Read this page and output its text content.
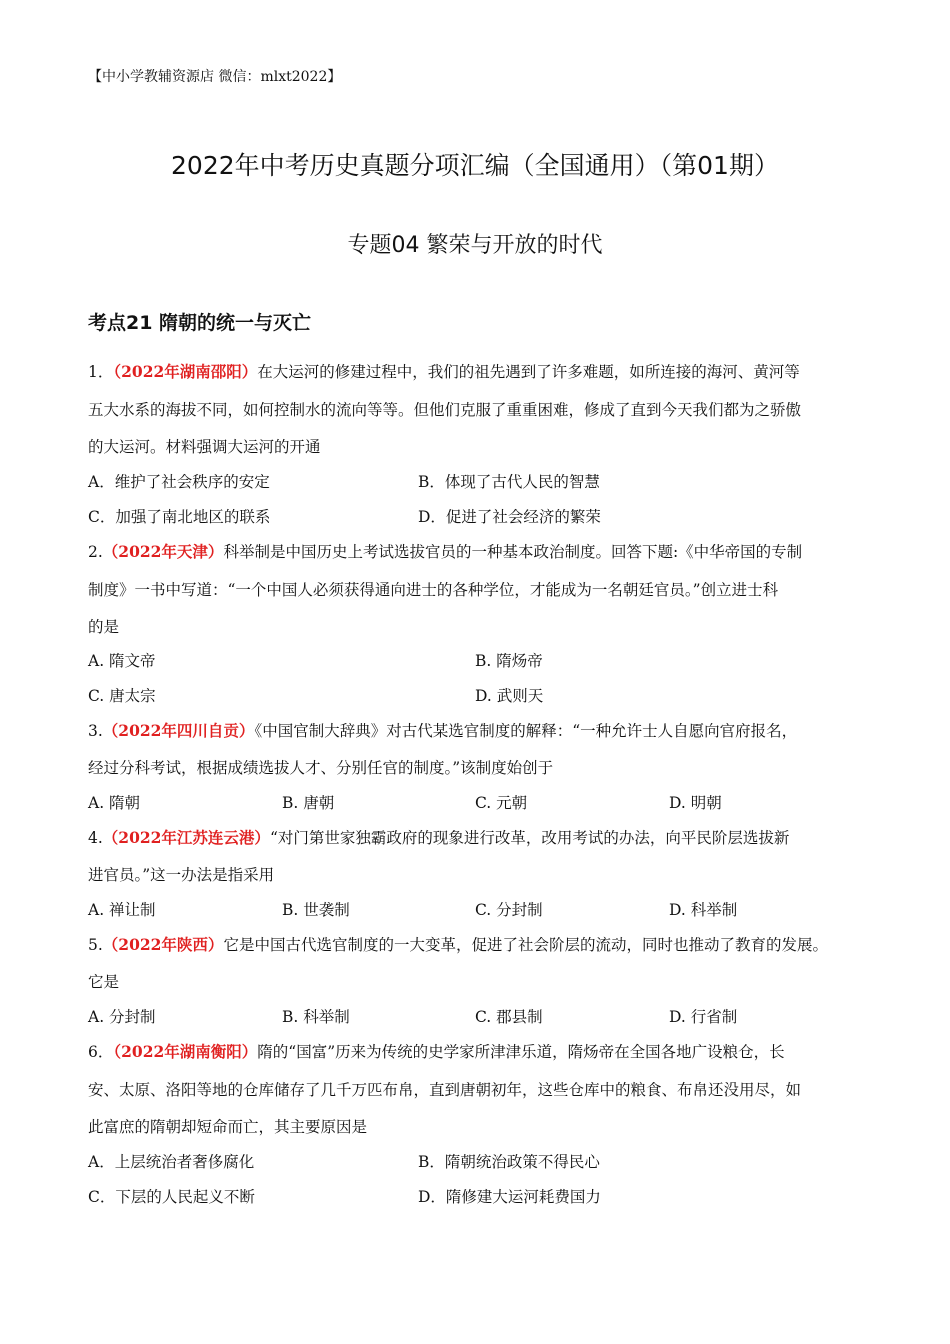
【中小学教辅资源店 微信：mlxt2022】
2022年中考历史真题分项汇编（全国通用）（第01期）
专题04 繁荣与开放的时代
考点21 隋朝的统一与灭亡
1．（2022年湖南邵阳）在大运河的修建过程中，我们的祖先遇到了许多难题，如所连接的海河、黄河等
五大水系的海拔不同，如何控制水的流向等等。但他们克服了重重困难，修成了直到今天我们都为之骄傲
的大运河。材料强调大运河的开通
A．维护了社会秩序的安定	B．体现了古代人民的智慧
C．加强了南北地区的联系	D．促进了社会经济的繁荣
2.（2022年天津）科举制是中国历史上考试选拔官员的一种基本政治制度。回答下题:《中华帝国的专制
制度》一书中写道：“一个中国人必须获得通向进士的各种学位，才能成为一名朝廷官员。”创立进士科
的是
A. 隋文帝	B. 隋炀帝
C. 唐太宗	D. 武则天
3.（2022年四川自贡）《中国官制大辞典》对古代某选官制度的解释：“一种允许士人自愿向官府报名，
经过分科考试，根据成绩选拔人才、分别任官的制度。”该制度始创于
A. 隋朝	B. 唐朝	C. 元朝	D. 明朝
4.（2022年江苏连云港）“对门第世家独霸政府的现象进行改革，改用考试的办法，向平民阶层选拔新
进官员。”这一办法是指采用
A. 禅让制	B. 世袭制	C. 分封制	D. 科举制
5.（2022年陕西）它是中国古代选官制度的一大变革，促进了社会阶层的流动，同时也推动了教育的发展。
它是
A. 分封制	B. 科举制	C. 郡县制	D. 行省制
6．（2022年湖南衡阳）隋的“国富”历来为传统的史学家所津津乐道，隋炀帝在全国各地广设粮仓，长
安、太原、洛阳等地的仓库储存了几千万匹布帛，直到唐朝初年，这些仓库中的粮食、布帛还没用尽，如
此富庶的隋朝却短命而亡，其主要原因是
A．上层统治者奢侈腐化	B．隋朝统治政策不得民心
C．下层的人民起义不断	D．隋修建大运河耗费国力
